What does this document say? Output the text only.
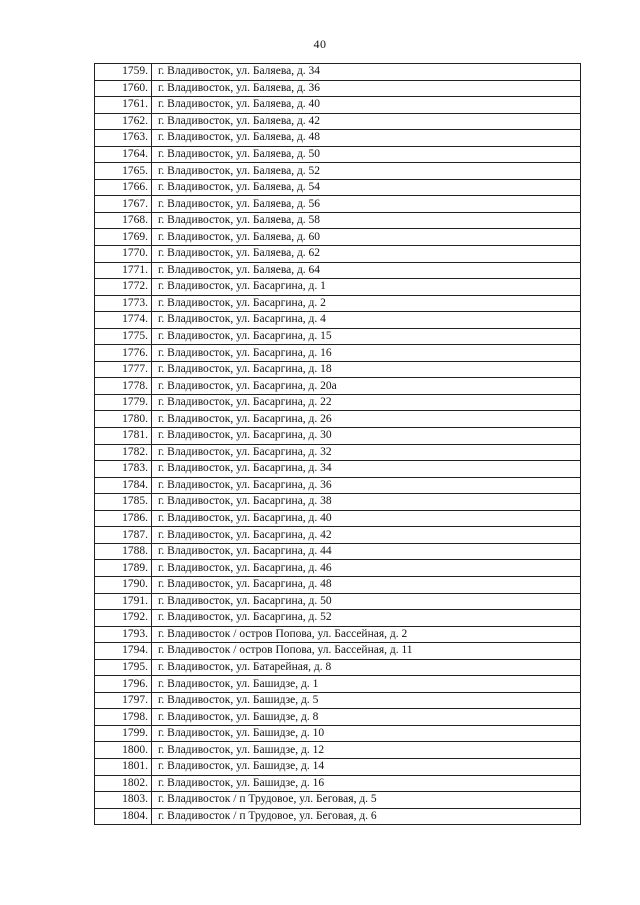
40
1759.	г. Владивосток, ул. Баляева, д. 34
1760.	г. Владивосток, ул. Баляева, д. 36
1761.	г. Владивосток, ул. Баляева, д. 40
1762.	г. Владивосток, ул. Баляева, д. 42
1763.	г. Владивосток, ул. Баляева, д. 48
1764.	г. Владивосток, ул. Баляева, д. 50
1765.	г. Владивосток, ул. Баляева, д. 52
1766.	г. Владивосток, ул. Баляева, д. 54
1767.	г. Владивосток, ул. Баляева, д. 56
1768.	г. Владивосток, ул. Баляева, д. 58
1769.	г. Владивосток, ул. Баляева, д. 60
1770.	г. Владивосток, ул. Баляева, д. 62
1771.	г. Владивосток, ул. Баляева, д. 64
1772.	г. Владивосток, ул. Басаргина, д. 1
1773.	г. Владивосток, ул. Басаргина, д. 2
1774.	г. Владивосток, ул. Басаргина, д. 4
1775.	г. Владивосток, ул. Басаргина, д. 15
1776.	г. Владивосток, ул. Басаргина, д. 16
1777.	г. Владивосток, ул. Басаргина, д. 18
1778.	г. Владивосток, ул. Басаргина, д. 20а
1779.	г. Владивосток, ул. Басаргина, д. 22
1780.	г. Владивосток, ул. Басаргина, д. 26
1781.	г. Владивосток, ул. Басаргина, д. 30
1782.	г. Владивосток, ул. Басаргина, д. 32
1783.	г. Владивосток, ул. Басаргина, д. 34
1784.	г. Владивосток, ул. Басаргина, д. 36
1785.	г. Владивосток, ул. Басаргина, д. 38
1786.	г. Владивосток, ул. Басаргина, д. 40
1787.	г. Владивосток, ул. Басаргина, д. 42
1788.	г. Владивосток, ул. Басаргина, д. 44
1789.	г. Владивосток, ул. Басаргина, д. 46
1790.	г. Владивосток, ул. Басаргина, д. 48
1791.	г. Владивосток, ул. Басаргина, д. 50
1792.	г. Владивосток, ул. Басаргина, д. 52
1793.	г. Владивосток / остров Попова, ул. Бассейная, д. 2
1794.	г. Владивосток / остров Попова, ул. Бассейная, д. 11
1795.	г. Владивосток, ул. Батарейная, д. 8
1796.	г. Владивосток, ул. Башидзе, д. 1
1797.	г. Владивосток, ул. Башидзе, д. 5
1798.	г. Владивосток, ул. Башидзе, д. 8
1799.	г. Владивосток, ул. Башидзе, д. 10
1800.	г. Владивосток, ул. Башидзе, д. 12
1801.	г. Владивосток, ул. Башидзе, д. 14
1802.	г. Владивосток, ул. Башидзе, д. 16
1803.	г. Владивосток / п Трудовое, ул. Беговая, д. 5
1804.	г. Владивосток / п Трудовое, ул. Беговая, д. 6
